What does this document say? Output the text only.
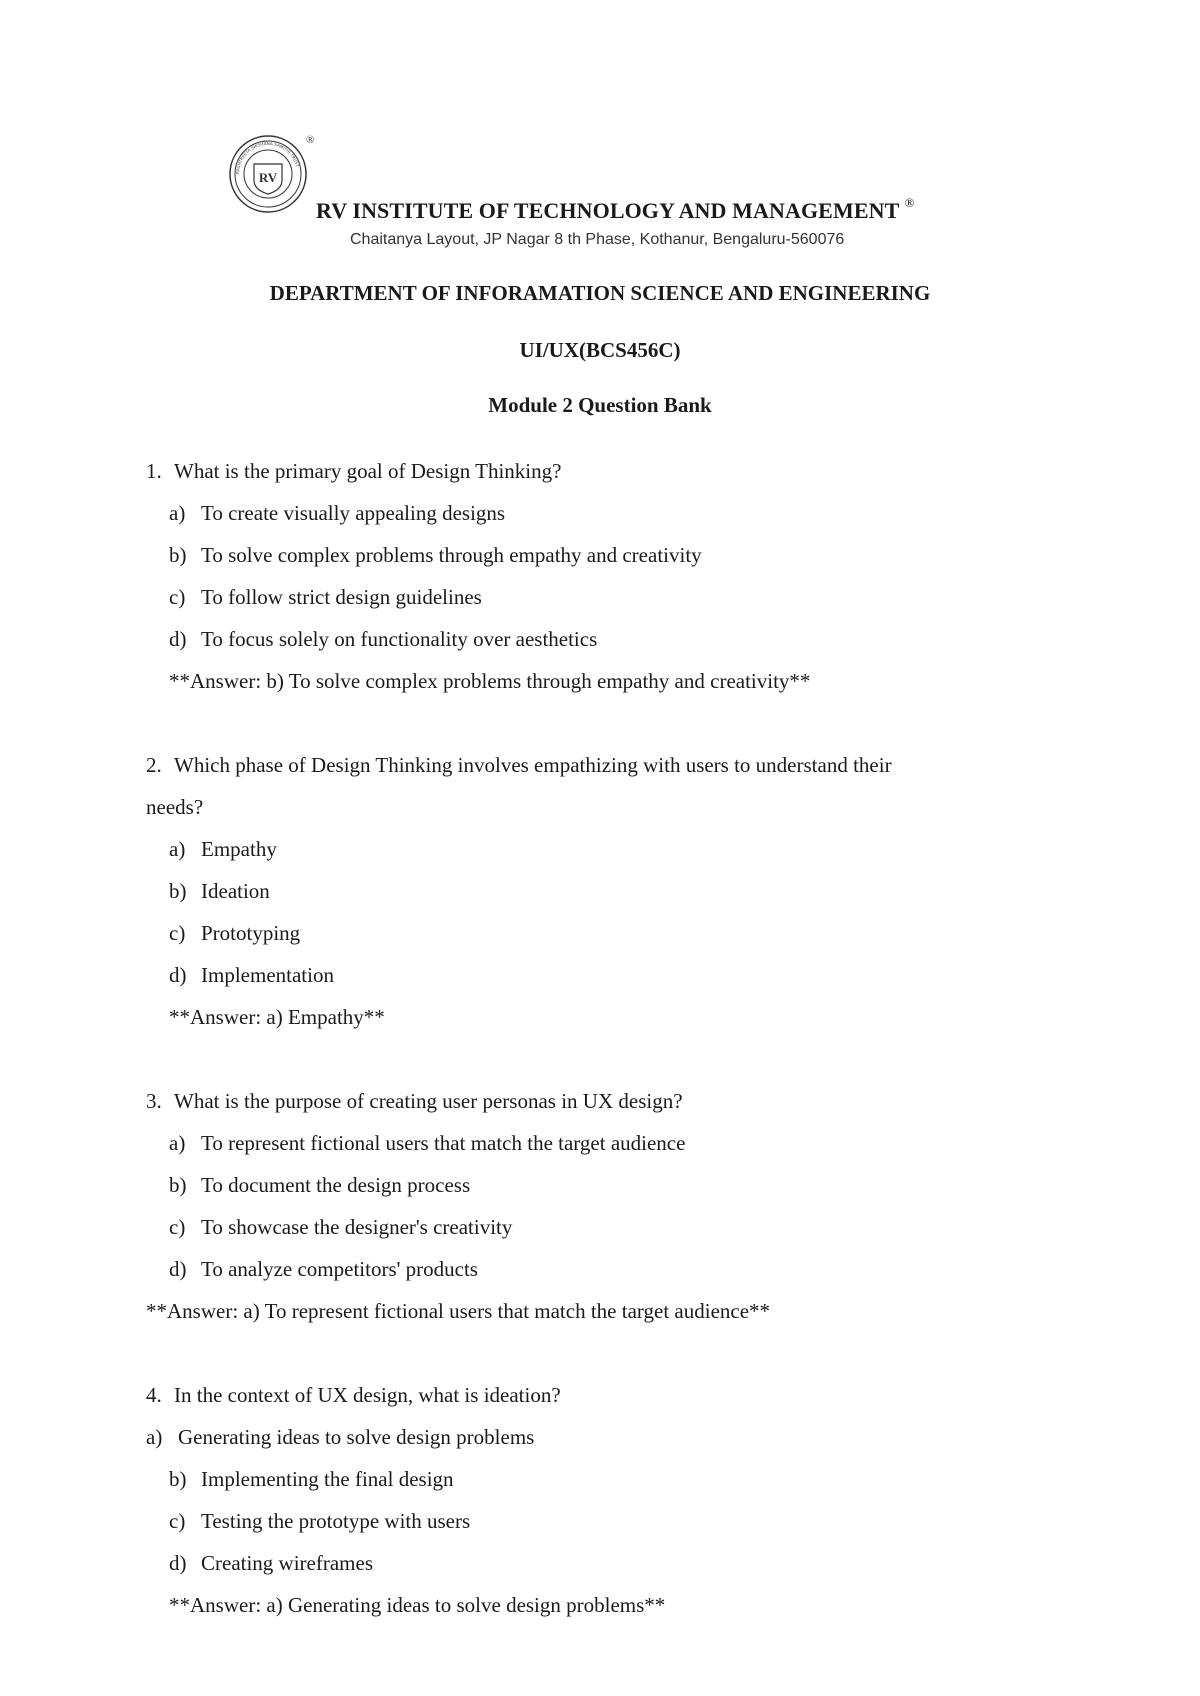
RASHTREEYA SIKSHANA SAMITHI TRUST
RV
®
RV INSTITUTE OF TECHNOLOGY AND MANAGEMENT ®
Chaitanya Layout, JP Nagar 8 th Phase, Kothanur, Bengaluru-560076
DEPARTMENT OF INFORAMATION SCIENCE AND ENGINEERING
UI/UX(BCS456C)
Module 2 Question Bank
1. What is the primary goal of Design Thinking?
a) To create visually appealing designs
b) To solve complex problems through empathy and creativity
c) To follow strict design guidelines
d) To focus solely on functionality over aesthetics
**Answer: b) To solve complex problems through empathy and creativity**
2. Which phase of Design Thinking involves empathizing with users to understand their
needs?
a) Empathy
b) Ideation
c) Prototyping
d) Implementation
**Answer: a) Empathy**
3. What is the purpose of creating user personas in UX design?
a) To represent fictional users that match the target audience
b) To document the design process
c) To showcase the designer's creativity
d) To analyze competitors' products
**Answer: a) To represent fictional users that match the target audience**
4. In the context of UX design, what is ideation?
a) Generating ideas to solve design problems
b) Implementing the final design
c) Testing the prototype with users
d) Creating wireframes
**Answer: a) Generating ideas to solve design problems**
